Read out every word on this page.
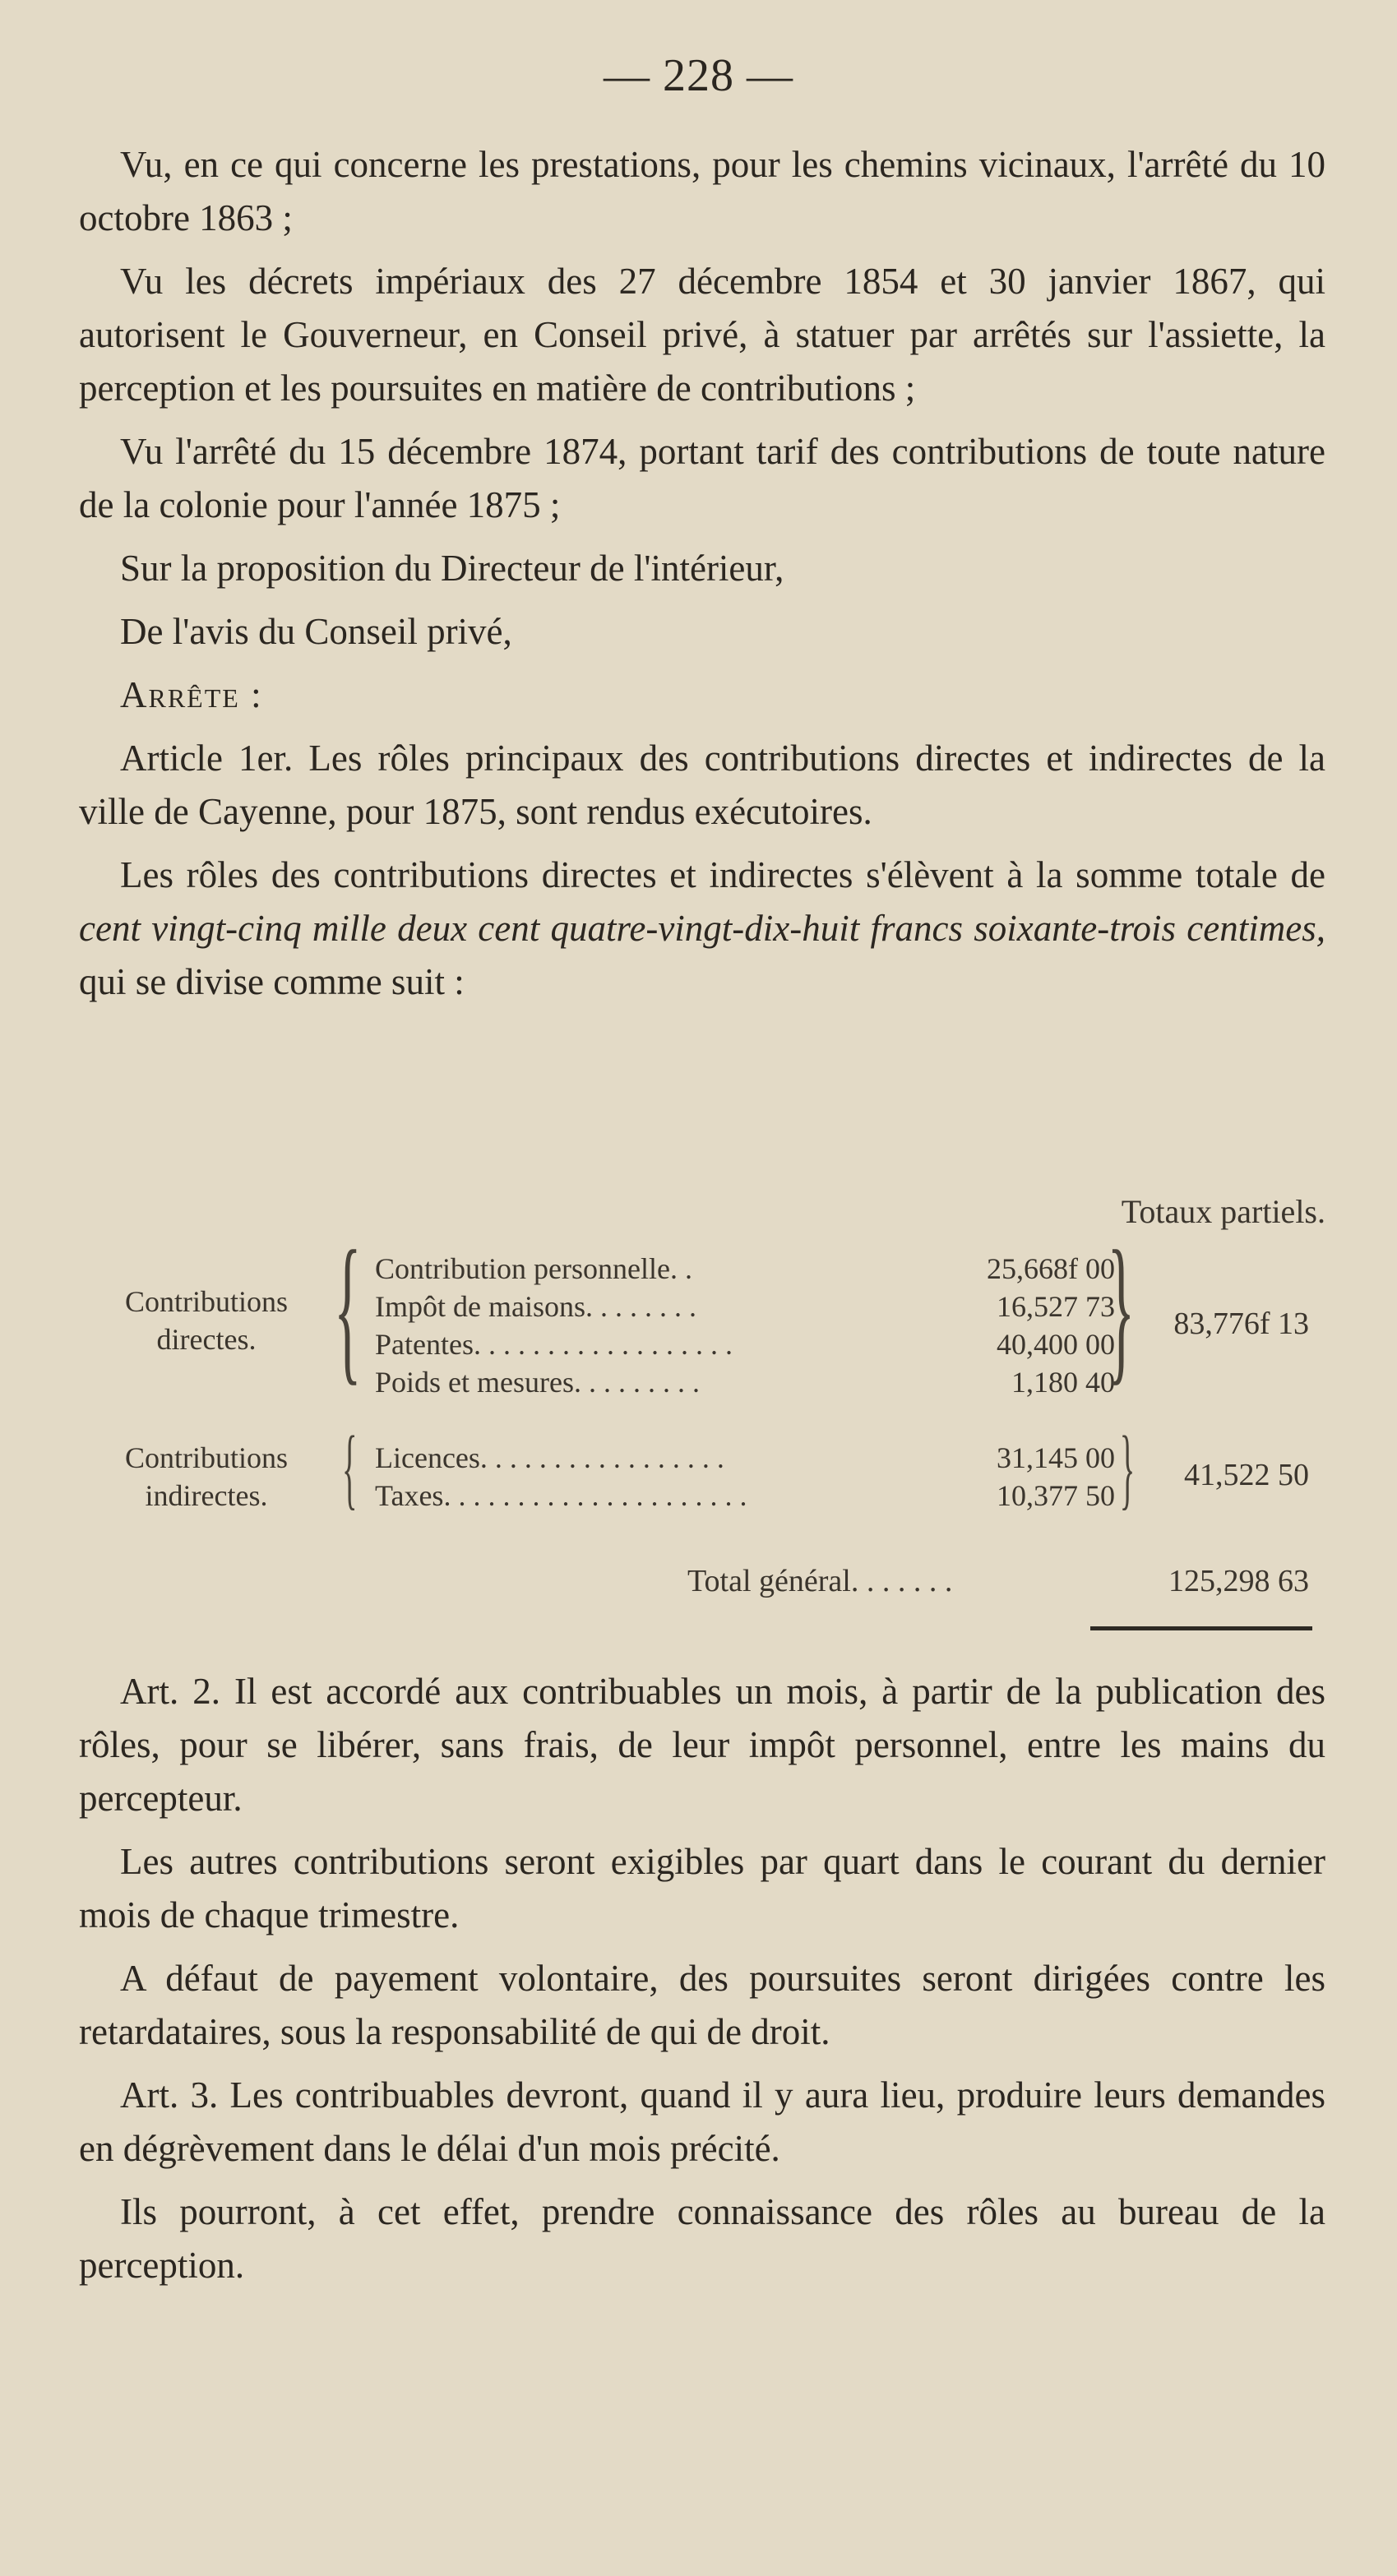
— 228 —

Vu, en ce qui concerne les prestations, pour les chemins vicinaux, l'arrêté du 10 octobre 1863 ;

Vu les décrets impériaux des 27 décembre 1854 et 30 janvier 1867, qui autorisent le Gouverneur, en Conseil privé, à statuer par arrêtés sur l'assiette, la perception et les poursuites en matière de contributions ;

Vu l'arrêté du 15 décembre 1874, portant tarif des contributions de toute nature de la colonie pour l'année 1875 ;

Sur la proposition du Directeur de l'intérieur,

De l'avis du Conseil privé,

Arrête :

Article 1er. Les rôles principaux des contributions directes et indirectes de la ville de Cayenne, pour 1875, sont rendus exécutoires.

Les rôles des contributions directes et indirectes s'élèvent à la somme totale de cent vingt-cinq mille deux cent quatre-vingt-dix-huit francs soixante-trois centimes, qui se divise comme suit :

Totaux partiels.
Contributions
directes. { Contribution personnelle. .	25,668f 00
Impôt de maisons. . . . . . . .	16,527 73
Patentes. . . . . . . . . . . . . . . . . .	40,400 00
Poids et mesures. . . . . . . . .	1,180 40
{ 83,776f 13
Contributions
indirectes. { Licences. . . . . . . . . . . . . . . . .	31,145 00
Taxes. . . . . . . . . . . . . . . . . . . . .	10,377 50 { 41,522 50
Total général. . . . . . .	125,298 63

Art. 2. Il est accordé aux contribuables un mois, à partir de la publication des rôles, pour se libérer, sans frais, de leur impôt personnel, entre les mains du percepteur.

Les autres contributions seront exigibles par quart dans le courant du dernier mois de chaque trimestre.

A défaut de payement volontaire, des poursuites seront dirigées contre les retardataires, sous la responsabilité de qui de droit.

Art. 3. Les contribuables devront, quand il y aura lieu, produire leurs demandes en dégrèvement dans le délai d'un mois précité.

Ils pourront, à cet effet, prendre connaissance des rôles au bureau de la perception.
